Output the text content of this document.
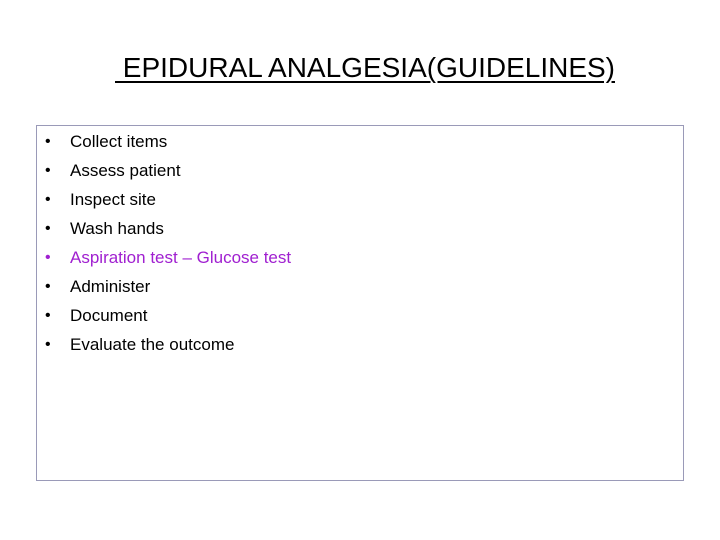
EPIDURAL ANALGESIA(GUIDELINES)
• Collect items
• Assess patient
• Inspect site
• Wash hands
• Aspiration test – Glucose test
• Administer
• Document
• Evaluate the outcome
